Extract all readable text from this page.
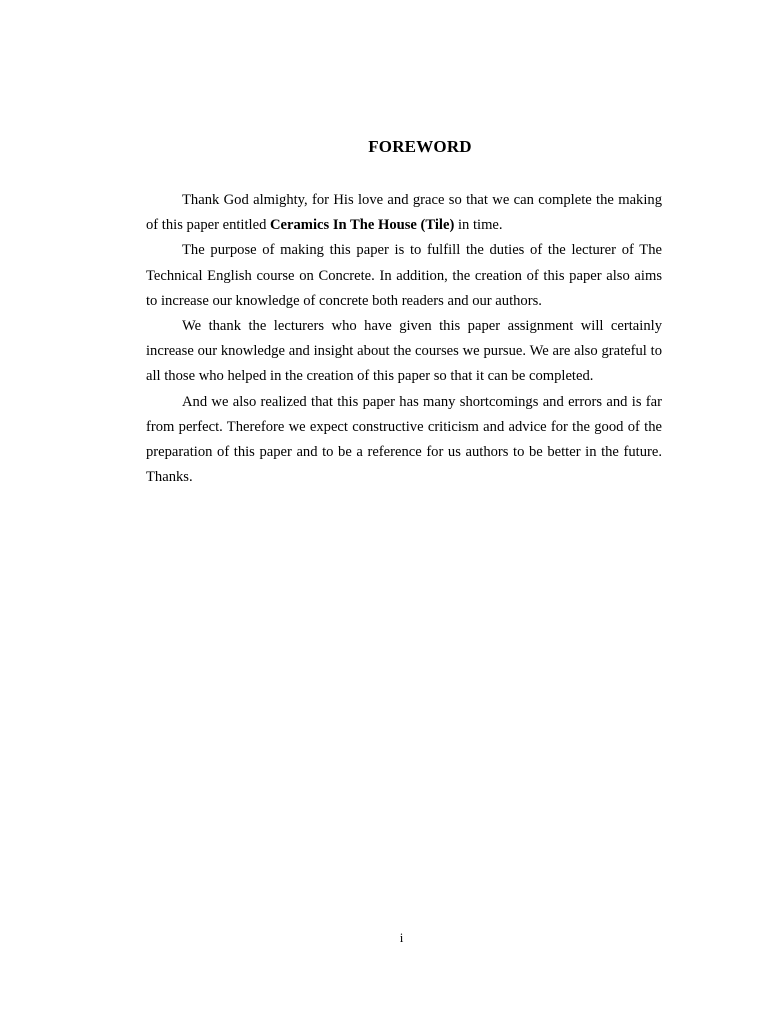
FOREWORD

Thank God almighty, for His love and grace so that we can complete the making of this paper entitled Ceramics In The House (Tile) in time.

The purpose of making this paper is to fulfill the duties of the lecturer of The Technical English course on Concrete. In addition, the creation of this paper also aims to increase our knowledge of concrete both readers and our authors.

We thank the lecturers who have given this paper assignment will certainly increase our knowledge and insight about the courses we pursue. We are also grateful to all those who helped in the creation of this paper so that it can be completed.

And we also realized that this paper has many shortcomings and errors and is far from perfect. Therefore we expect constructive criticism and advice for the good of the preparation of this paper and to be a reference for us authors to be better in the future. Thanks.

i
